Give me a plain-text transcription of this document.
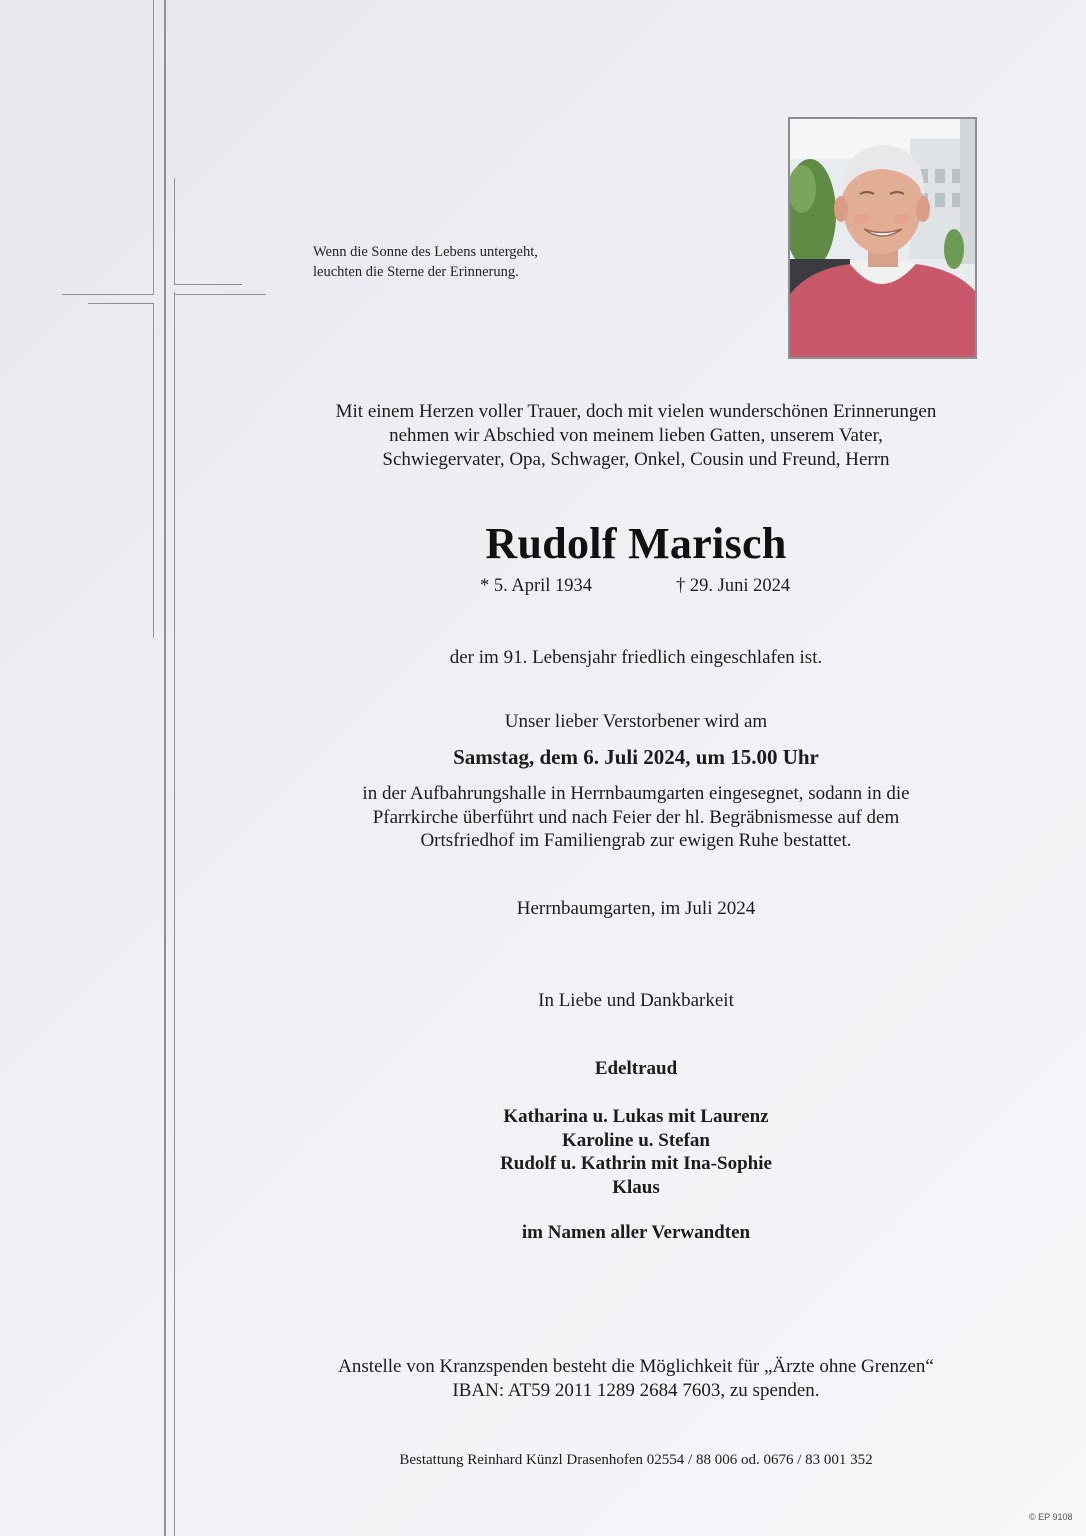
Wenn die Sonne des Lebens untergeht,
leuchten die Sterne der Erinnerung.
Mit einem Herzen voller Trauer, doch mit vielen wunderschönen Erinnerungen
nehmen wir Abschied von meinem lieben Gatten, unserem Vater,
Schwiegervater, Opa, Schwager, Onkel, Cousin und Freund, Herrn
Rudolf Marisch
* 5. April 1934	† 29. Juni 2024
der im 91. Lebensjahr friedlich eingeschlafen ist.
Unser lieber Verstorbener wird am
Samstag, dem 6. Juli 2024, um 15.00 Uhr
in der Aufbahrungshalle in Herrnbaumgarten eingesegnet, sodann in die
Pfarrkirche überführt und nach Feier der hl. Begräbnismesse auf dem
Ortsfriedhof im Familiengrab zur ewigen Ruhe bestattet.
Herrnbaumgarten, im Juli 2024
In Liebe und Dankbarkeit
Edeltraud
Katharina u. Lukas mit Laurenz
Karoline u. Stefan
Rudolf u. Kathrin mit Ina-Sophie
Klaus
im Namen aller Verwandten
Anstelle von Kranzspenden besteht die Möglichkeit für „Ärzte ohne Grenzen“
IBAN: AT59 2011 1289 2684 7603, zu spenden.
Bestattung Reinhard Künzl Drasenhofen 02554 / 88 006 od. 0676 / 83 001 352
© EP 9108
